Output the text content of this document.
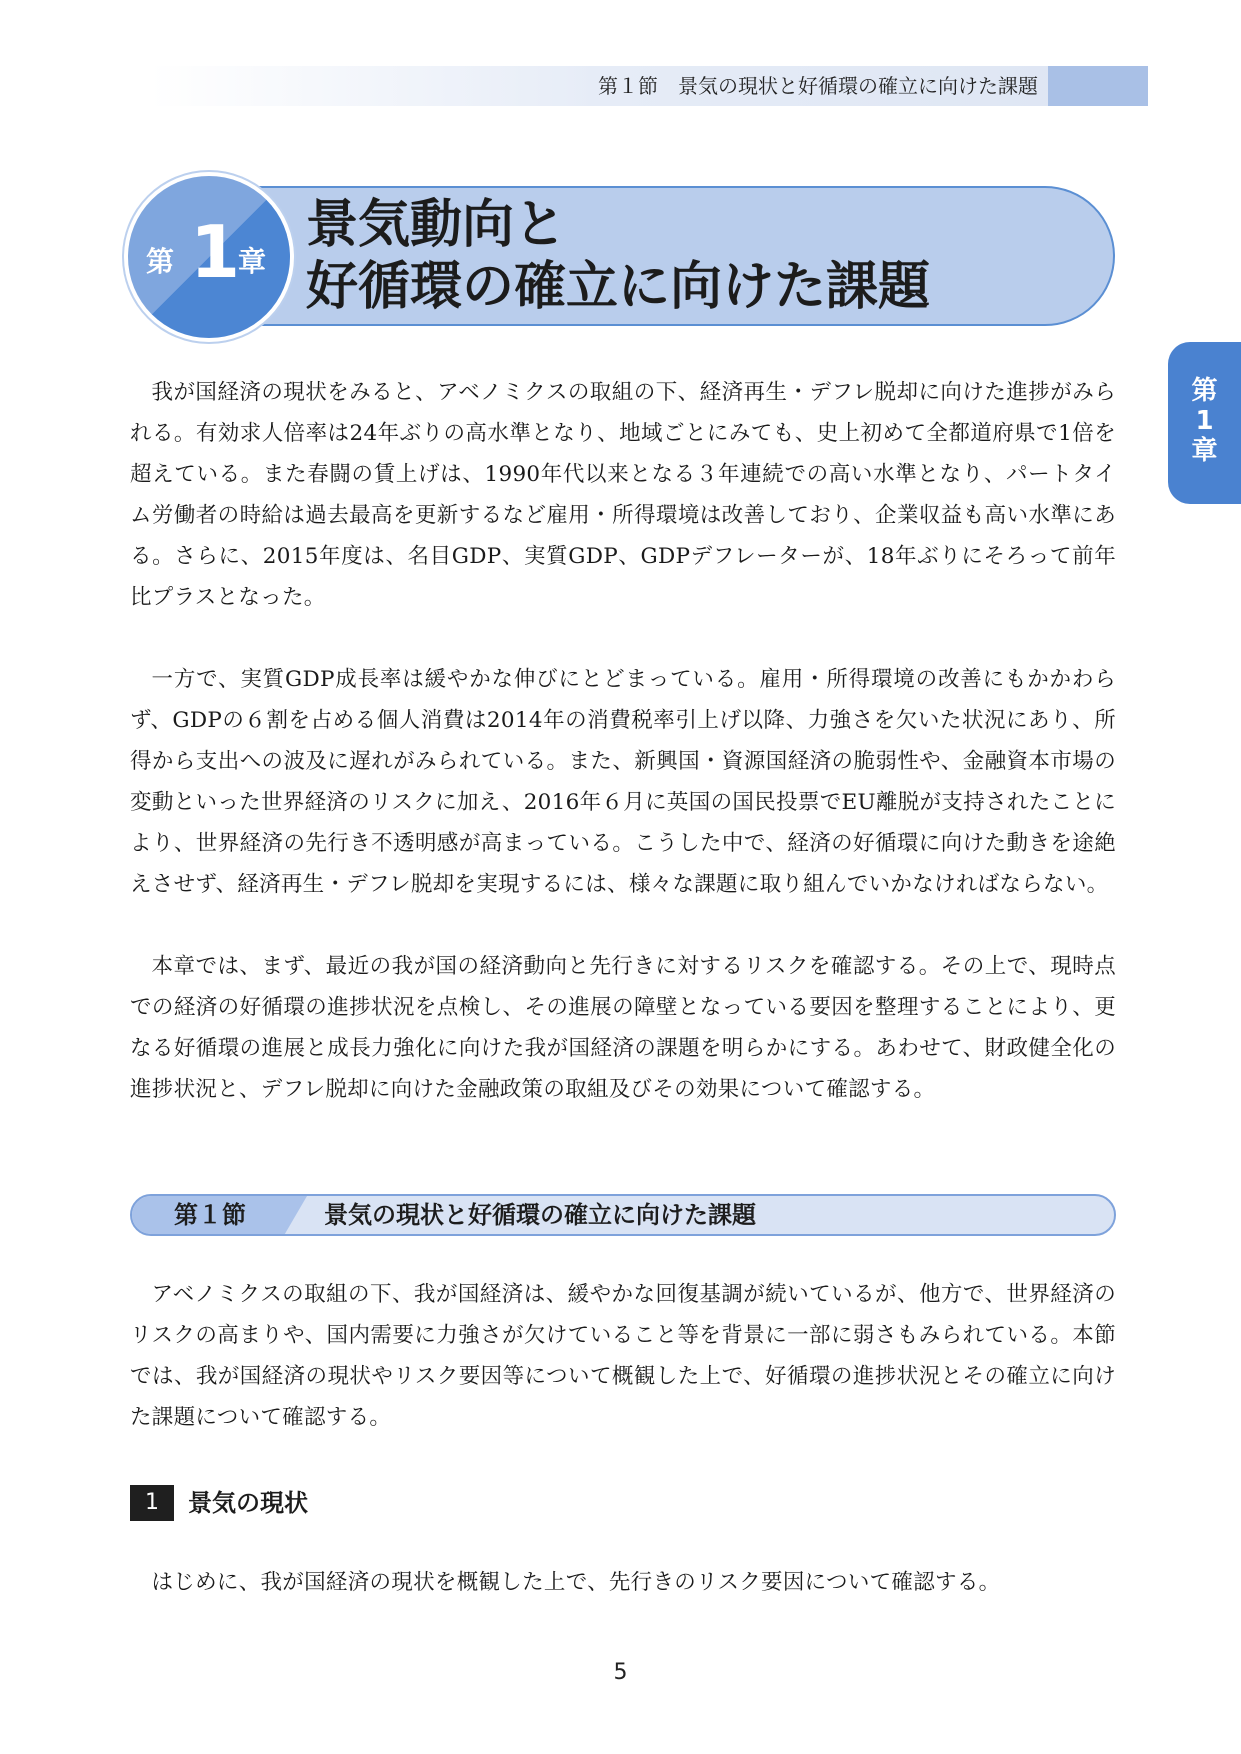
第１節　景気の現状と好循環の確立に向けた課題
景気動向と
好循環の確立に向けた課題
第 1
章
第
1
章

我が国経済の現状をみると、アベノミクスの取組の下、経済再生・デフレ脱却に向けた進捗がみられる。有効求人倍率は24年ぶりの高水準となり、地域ごとにみても、史上初めて全都道府県で1倍を超えている。また春闘の賃上げは、1990年代以来となる３年連続での高い水準となり、パートタイム労働者の時給は過去最高を更新するなど雇用・所得環境は改善しており、企業収益も高い水準にある。さらに、2015年度は、名目GDP、実質GDP、GDPデフレーターが、18年ぶりにそろって前年比プラスとなった。

一方で、実質GDP成長率は緩やかな伸びにとどまっている。雇用・所得環境の改善にもかかわらず、GDPの６割を占める個人消費は2014年の消費税率引上げ以降、力強さを欠いた状況にあり、所得から支出への波及に遅れがみられている。また、新興国・資源国経済の脆弱性や、金融資本市場の変動といった世界経済のリスクに加え、2016年６月に英国の国民投票でEU離脱が支持されたことにより、世界経済の先行き不透明感が高まっている。こうした中で、経済の好循環に向けた動きを途絶えさせず、経済再生・デフレ脱却を実現するには、様々な課題に取り組んでいかなければならない。

本章では、まず、最近の我が国の経済動向と先行きに対するリスクを確認する。その上で、現時点での経済の好循環の進捗状況を点検し、その進展の障壁となっている要因を整理することにより、更なる好循環の進展と成長力強化に向けた我が国経済の課題を明らかにする。あわせて、財政健全化の進捗状況と、デフレ脱却に向けた金融政策の取組及びその効果について確認する。

第１節	景気の現状と好循環の確立に向けた課題

アベノミクスの取組の下、我が国経済は、緩やかな回復基調が続いているが、他方で、世界経済のリスクの高まりや、国内需要に力強さが欠けていること等を背景に一部に弱さもみられている。本節では、我が国経済の現状やリスク要因等について概観した上で、好循環の進捗状況とその確立に向けた課題について確認する。

1	景気の現状

はじめに、我が国経済の現状を概観した上で、先行きのリスク要因について確認する。

5
